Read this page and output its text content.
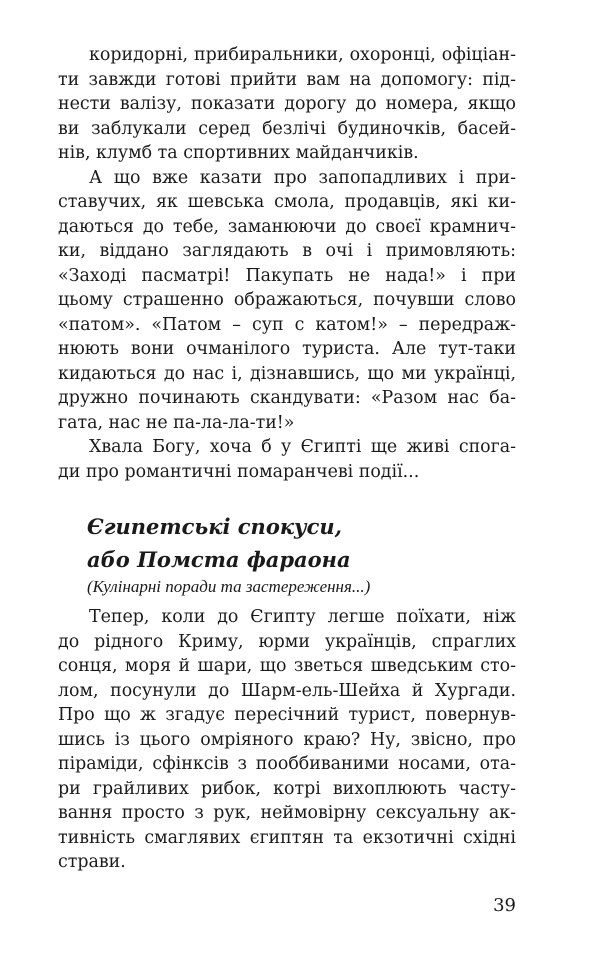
коридорні, прибиральники, охоронці, офіціан-
ти завжди готові прийти вам на допомогу: під-
нести валізу, показати дорогу до номера, якщо
ви заблукали серед безлічі будиночків, басей-
нів, клумб та спортивних майданчиків.
А що вже казати про запопадливих і при-
ставучих, як шевська смола, продавців, які ки-
даються до тебе, заманюючи до своєї крамнич-
ки, віддано заглядають в очі і примовляють:
«Заході пасматрі! Пакупать не нада!» і при
цьому страшенно ображаються, почувши слово
«патом». «Патом – суп с катом!» – передраж-
нюють вони очманілого туриста. Але тут-таки
кидаються до нас і, дізнавшись, що ми українці,
дружно починають скандувати: «Разом нас ба-
гата, нас не па-ла-ла-ти!»
Хвала Богу, хоча б у Єгипті ще живі спога-
ди про романтичні помаранчеві події...
Єгипетські спокуси,
або Помста фараона
(Кулінарні поради та застереження...)
Тепер, коли до Єгипту легше поїхати, ніж
до рідного Криму, юрми українців, спраглих
сонця, моря й шари, що зветься шведським сто-
лом, посунули до Шарм-ель-Шейха й Хургади.
Про що ж згадує пересічний турист, повернув-
шись із цього омріяного краю? Ну, звісно, про
піраміди, сфінксів з пооббиваними носами, ота-
ри грайливих рибок, котрі вихоплюють часту-
вання просто з рук, неймовірну сексуальну ак-
тивність смаглявих єгиптян та екзотичні східні
страви.
39
